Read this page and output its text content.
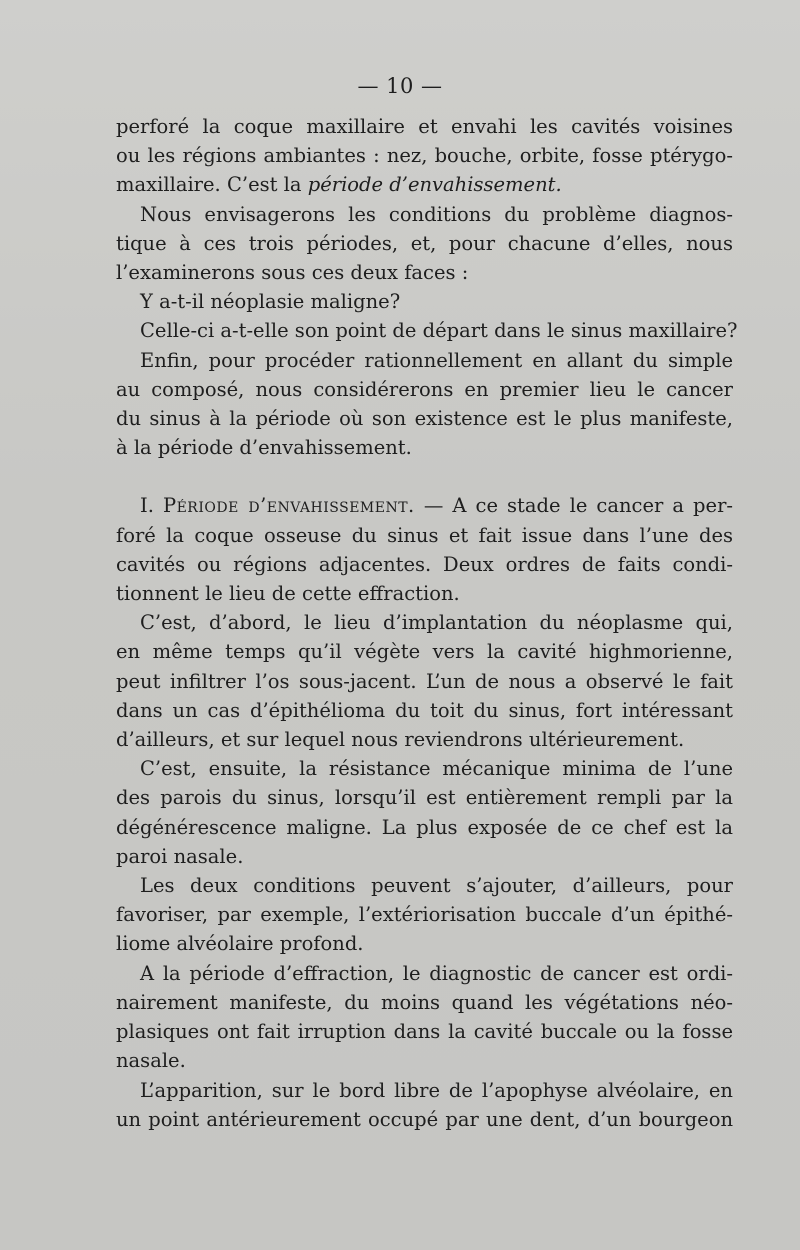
— 10 —

perforé la coque maxillaire et envahi les cavités voisines
ou les régions ambiantes : nez, bouche, orbite, fosse ptérygo-
maxillaire. C’est la période d’envahissement.

Nous envisagerons les conditions du problème diagnos-
tique à ces trois périodes, et, pour chacune d’elles, nous
l’examinerons sous ces deux faces :

Y a-t-il néoplasie maligne?

Celle-ci a-t-elle son point de départ dans le sinus maxillaire?

Enfin, pour procéder rationnellement en allant du simple
au composé, nous considérerons en premier lieu le cancer
du sinus à la période où son existence est le plus manifeste,
à la période d’envahissement.

I. Période d’envahissement. — A ce stade le cancer a per-
foré la coque osseuse du sinus et fait issue dans l’une des
cavités ou régions adjacentes. Deux ordres de faits condi-
tionnent le lieu de cette effraction.

C’est, d’abord, le lieu d’implantation du néoplasme qui,
en même temps qu’il végète vers la cavité highmorienne,
peut infiltrer l’os sous-jacent. L’un de nous a observé le fait
dans un cas d’épithélioma du toit du sinus, fort intéressant
d’ailleurs, et sur lequel nous reviendrons ultérieurement.

C’est, ensuite, la résistance mécanique minima de l’une
des parois du sinus, lorsqu’il est entièrement rempli par la
dégénérescence maligne. La plus exposée de ce chef est la
paroi nasale.

Les deux conditions peuvent s’ajouter, d’ailleurs, pour
favoriser, par exemple, l’extériorisation buccale d’un épithé-
liome alvéolaire profond.

A la période d’effraction, le diagnostic de cancer est ordi-
nairement manifeste, du moins quand les végétations néo-
plasiques ont fait irruption dans la cavité buccale ou la fosse
nasale.

L’apparition, sur le bord libre de l’apophyse alvéolaire, en
un point antérieurement occupé par une dent, d’un bourgeon
